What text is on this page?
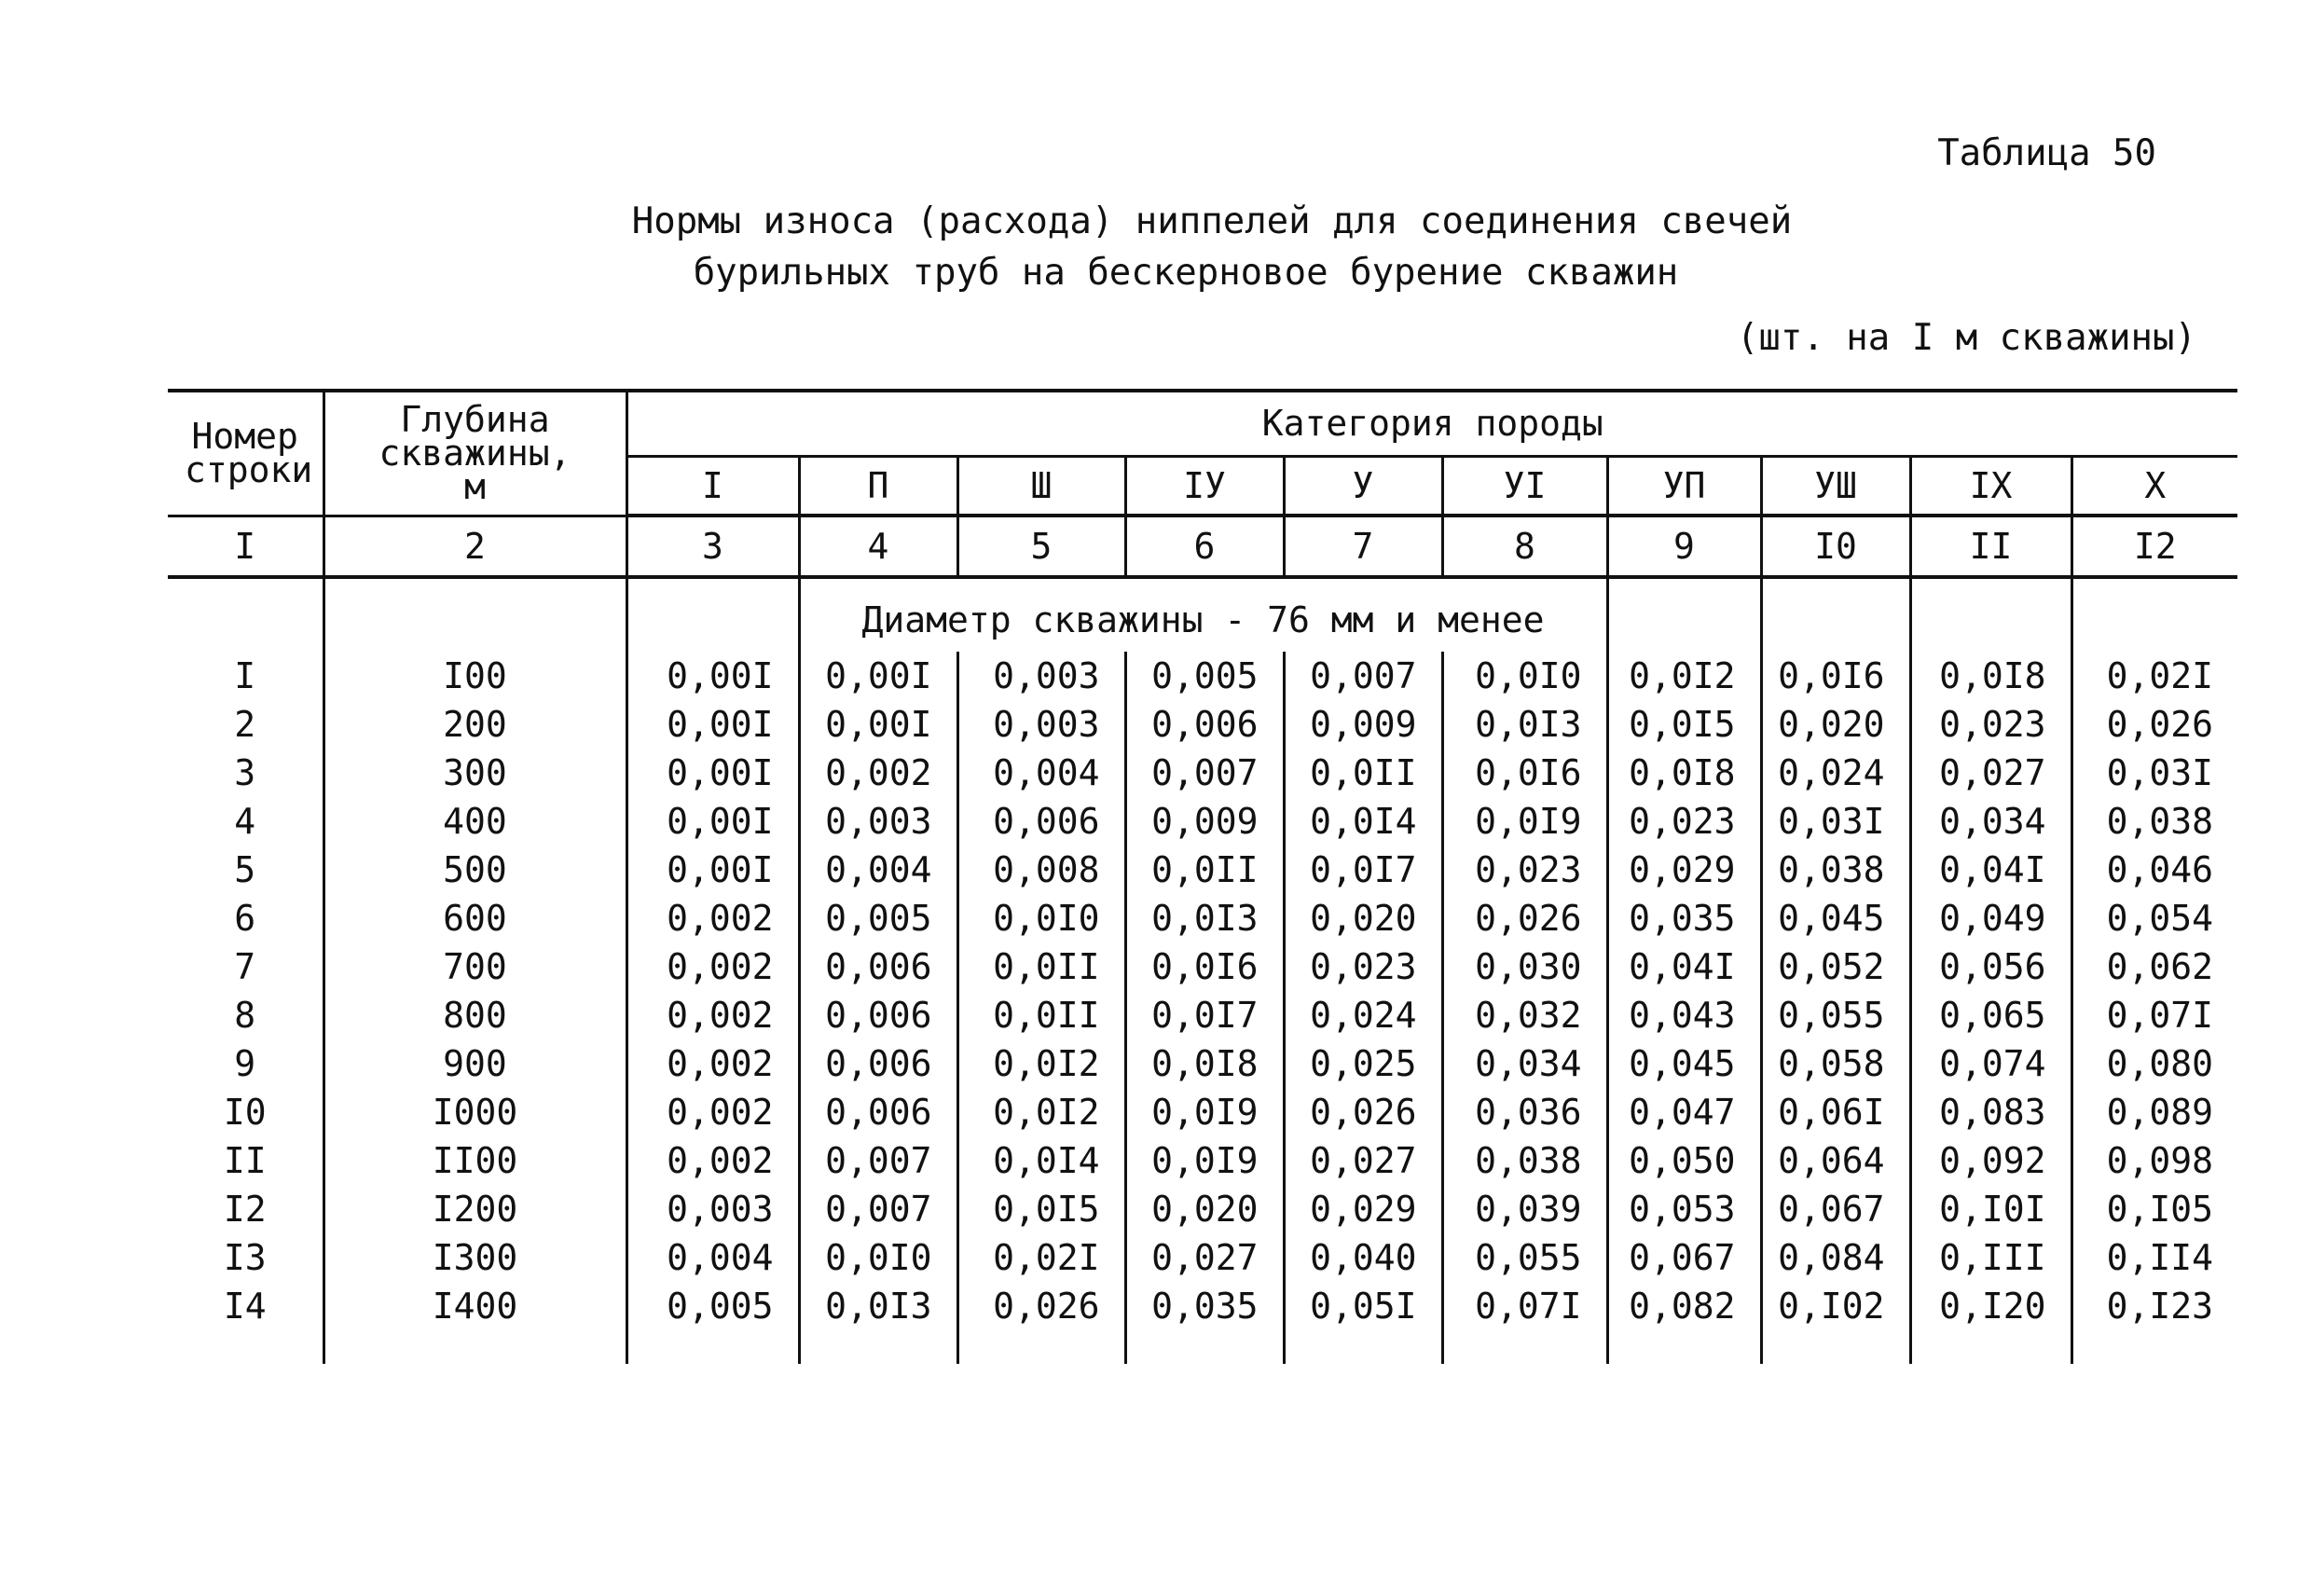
Таблица 50
Нормы износа (расхода) ниппелей для соединения свечей
бурильных труб на бескерновое бурение скважин
(шт. на I м скважины)
Номер строки	Глубина скважины, м	Категория породы									
		I	П	Ш	IУ	У	УI	УП	УШ	IX	X
I	2	3	4	5	6	7	8	9	I0	II	I2

			Диаметр скважины - 76 мм и менее								
I	I00	0,00I	0,00I	0,003	0,005	0,007	0,0I0	0,0I2	0,0I6	0,0I8	0,02I
2	200	0,00I	0,00I	0,003	0,006	0,009	0,0I3	0,0I5	0,020	0,023	0,026
3	300	0,00I	0,002	0,004	0,007	0,0II	0,0I6	0,0I8	0,024	0,027	0,03I
4	400	0,00I	0,003	0,006	0,009	0,0I4	0,0I9	0,023	0,03I	0,034	0,038
5	500	0,00I	0,004	0,008	0,0II	0,0I7	0,023	0,029	0,038	0,04I	0,046
6	600	0,002	0,005	0,0I0	0,0I3	0,020	0,026	0,035	0,045	0,049	0,054
7	700	0,002	0,006	0,0II	0,0I6	0,023	0,030	0,04I	0,052	0,056	0,062
8	800	0,002	0,006	0,0II	0,0I7	0,024	0,032	0,043	0,055	0,065	0,07I
9	900	0,002	0,006	0,0I2	0,0I8	0,025	0,034	0,045	0,058	0,074	0,080
I0	I000	0,002	0,006	0,0I2	0,0I9	0,026	0,036	0,047	0,06I	0,083	0,089
II	II00	0,002	0,007	0,0I4	0,0I9	0,027	0,038	0,050	0,064	0,092	0,098
I2	I200	0,003	0,007	0,0I5	0,020	0,029	0,039	0,053	0,067	0,I0I	0,I05
I3	I300	0,004	0,0I0	0,02I	0,027	0,040	0,055	0,067	0,084	0,III	0,II4
I4	I400	0,005	0,0I3	0,026	0,035	0,05I	0,07I	0,082	0,I02	0,I20	0,I23
